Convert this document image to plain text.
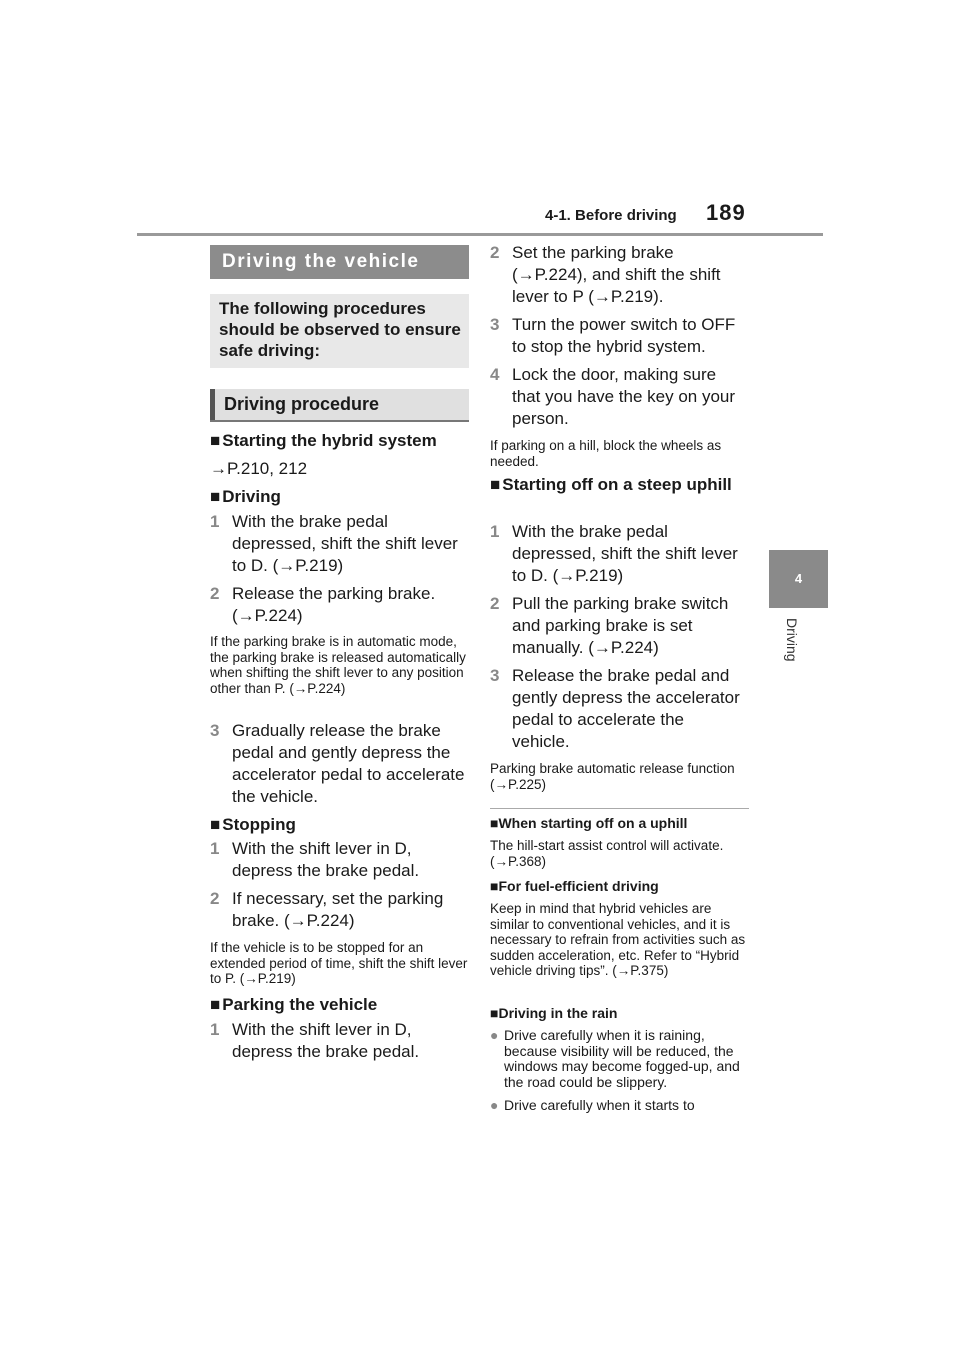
4-1. Before driving 189
4
Driving
Driving the vehicle
The following procedures should be observed to ensure safe driving:
Driving procedure
■ Starting the hybrid system
→P.210, 212
■ Driving
1 With the brake pedal depressed, shift the shift lever to D. (→P.219)
2 Release the parking brake. (→P.224)
If the parking brake is in automatic mode, the parking brake is released automatically when shifting the shift lever to any position other than P. (→P.224)
3 Gradually release the brake pedal and gently depress the accelerator pedal to accelerate the vehicle.
■ Stopping
1 With the shift lever in D, depress the brake pedal.
2 If necessary, set the parking brake. (→P.224)
If the vehicle is to be stopped for an extended period of time, shift the shift lever to P. (→P.219)
■ Parking the vehicle
1 With the shift lever in D, depress the brake pedal.
2 Set the parking brake (→P.224), and shift the shift lever to P (→P.219).
3 Turn the power switch to OFF to stop the hybrid system.
4 Lock the door, making sure that you have the key on your person.
If parking on a hill, block the wheels as needed.
■ Starting off on a steep uphill
1 With the brake pedal depressed, shift the shift lever to D. (→P.219)
2 Pull the parking brake switch and parking brake is set manually. (→P.224)
3 Release the brake pedal and gently depress the accelerator pedal to accelerate the vehicle.
Parking brake automatic release function (→P.225)
■When starting off on a uphill
The hill-start assist control will activate. (→P.368)
■For fuel-efficient driving
Keep in mind that hybrid vehicles are similar to conventional vehicles, and it is necessary to refrain from activities such as sudden acceleration, etc. Refer to “Hybrid vehicle driving tips”. (→P.375)
■Driving in the rain
● Drive carefully when it is raining, because visibility will be reduced, the windows may become fogged-up, and the road could be slippery.
● Drive carefully when it starts to
